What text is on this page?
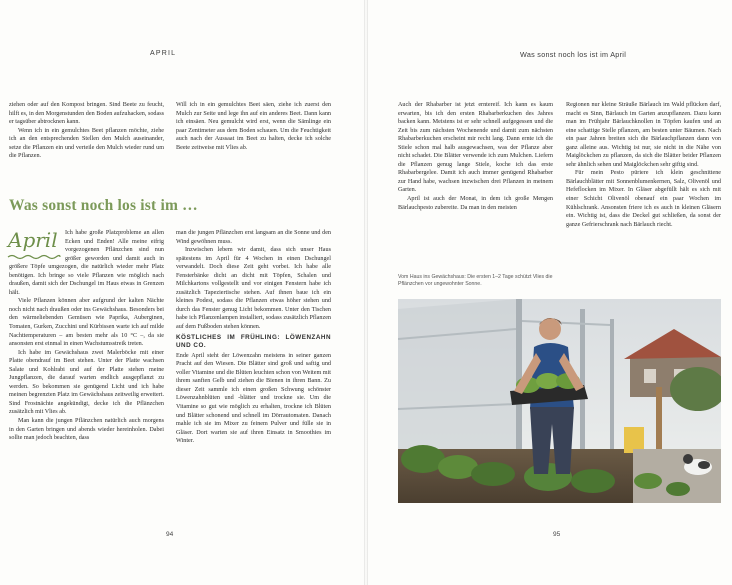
APRIL	Was sonst noch los ist im April

ziehen oder auf den Kompost bringen. Sind Beete zu feucht, hilft es, in den Morgenstunden den Boden aufzuhacken, sodass er tagsüber abtrocknen kann.

Wenn ich in ein gemulchtes Beet pflanzen möchte, ziehe ich an den entsprechenden Stellen den Mulch auseinander, setze die Pflanzen ein und verteile den Mulch wieder rund um die Pflanzen.

Will ich in ein gemulchtes Beet säen, ziehe ich zuerst den Mulch zur Seite und lege ihn auf ein anderes Beet. Dann kann ich einsäen. Neu gemulcht wird erst, wenn die Sämlinge ein paar Zentimeter aus dem Boden schauen. Um die Feuchtigkeit auch nach der Aussaat im Beet zu halten, decke ich solche Beete zeitweise mit Vlies ab.

Was sonst noch los ist im …
April	Ich habe große Platzprobleme an allen Ecken und Enden! Alle meine eifrig vorgezogenen Pflänzchen sind nun größer geworden und damit auch in größere Töpfe umgezogen, die natürlich wieder mehr Platz benötigen. Ich bringe so viele Pflanzen wie möglich nach draußen, damit sich der Dschungel im Haus etwas in Grenzen hält.

Viele Pflanzen können aber aufgrund der kalten Nächte noch nicht nach draußen oder ins Gewächshaus. Besonders bei den wärmeliebenden Gemüsen wie Paprika, Auberginen, Tomaten, Gurken, Zucchini und Kürbissen warte ich auf milde Nachttemperaturen – am besten mehr als 10 °C –, da sie ansonsten erst einmal in einen Wachstumsstreik treten.

Ich habe im Gewächshaus zwei Malerböcke mit einer Platte obendrauf im Beet stehen. Unter der Platte wachsen Salate und Kohlrabi und auf der Platte stehen meine Jungpflanzen, die darauf warten endlich ausgepflanzt zu werden. So bekommen sie genügend Licht und ich habe meinen begrenzten Platz im Gewächshaus zeitweilig erweitert. Sind Frostnächte angekündigt, decke ich die Pflänzchen zusätzlich mit Vlies ab.

Man kann die jungen Pflänzchen natürlich auch morgens in den Garten bringen und abends wieder hereinholen. Dabei sollte man jedoch beachten, dass

man die jungen Pflänzchen erst langsam an die Sonne und den Wind gewöhnen muss.

Inzwischen lebem wir damit, dass sich unser Haus spätestens im April für 4 Wochen in einen Dschungel verwandelt. Doch diese Zeit geht vorbei. Ich habe alle Fensterbänke dicht an dicht mit Töpfen, Schalen und Milchkartons vollgestellt und vor einigen Fenstern habe ich zusätzlich Tapeziertische stehen. Auf ihnen baue ich ein kleines Podest, sodass die Pflanzen etwas höher stehen und durch das Fenster genug Licht bekommen. Unter den Tischen habe ich Pflanzenlampen installiert, sodass zusätzlich Pflanzen auf dem Fußboden stehen können.

KÖSTLICHES IM FRÜHLING: LÖWENZAHN UND CO.

Ende April steht der Löwenzahn meistens in seiner ganzen Pracht auf den Wiesen. Die Blätter sind groß und saftig und voller Vitamine und die Blüten leuchten schon von Weitem mit ihrem sanften Gelb und ziehen die Bienen in ihren Bann. Zu dieser Zeit sammle ich einen großen Schwung schönster Löwenzahnblüten und -blätter und trockne sie. Um die Vitamine so gut wie möglich zu erhalten, trockne ich Blüten und Blätter schonend und schnell im Dörrautomaten. Danach mahle ich sie im Mixer zu feinem Pulver und fülle sie in Gläser. Dort warten sie auf ihren Einsatz in Smoothies im Winter.

94

Auch der Rhabarber ist jetzt erntereif. Ich kann es kaum erwarten, bis ich den ersten Rhabarberkuchen des Jahres backen kann. Meistens ist er sehr schnell aufgegessen und die Zeit bis zum nächsten Wochenende und damit zum nächsten Rhabarberkuchen erscheint mir recht lang. Dann ernte ich die Stiele schon mal halb ausgewachsen, was der Pflanze aber nicht schadet. Die Blätter verwende ich zum Mulchen. Liefern die Pflanzen genug lange Stiele, koche ich das erste Rhabarbergelee. Damit ich auch immer genügend Rhabarber zur Hand habe, wachsen inzwischen drei Pflanzen in meinem Garten.

April ist auch der Monat, in dem ich große Mengen Bärlauchpesto zubereite. Da man in den meisten

Regionen nur kleine Sträuße Bärlauch im Wald pflücken darf, macht es Sinn, Bärlauch im Garten anzupflanzen. Dazu kann man im Frühjahr Bärlauchknollen in Töpfen kaufen und an eine schattige Stelle pflanzen, am besten unter Bäumen. Nach ein paar Jahren breiten sich die Bärlauchpflanzen dann von ganz alleine aus. Wichtig ist nur, sie nicht in die Nähe von Maiglöckchen zu pflanzen, da sich die Blätter beider Pflanzen sehr ähnlich sehen und Maiglöckchen sehr giftig sind.

Für mein Pesto püriere ich klein geschnittene Bärlauchblätter mit Sonnenblumenkernen, Salz, Olivenöl und Hefeflocken im Mixer. In Gläser abgefüllt hält es sich mit einer Schicht Olivenöl obenauf ein paar Wochen im Kühlschrank. Ansonsten friere ich es auch in kleinen Gläsern ein. Wichtig ist, dass die Deckel gut schließen, da sonst der ganze Gefrierschrank nach Bärlauch riecht.

Vom Haus ins Gewächshaus: Die ersten 1–2 Tage schützt Vlies die Pflänzchen vor ungewohnter Sonne.
95
